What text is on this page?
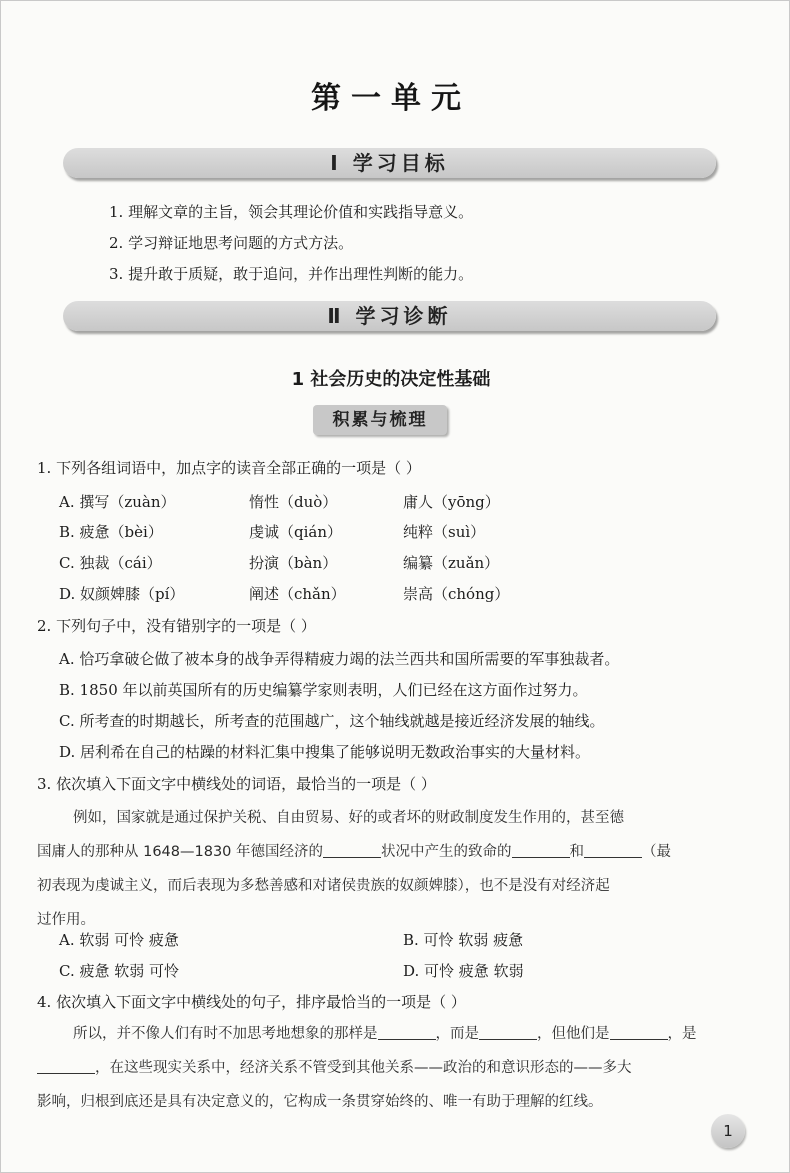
第一单元
Ⅰ 学习目标
1. 理解文章的主旨，领会其理论价值和实践指导意义。
2. 学习辩证地思考问题的方式方法。
3. 提升敢于质疑，敢于追问，并作出理性判断的能力。
Ⅱ 学习诊断
1 社会历史的决定性基础
积累与梳理
1. 下列各组词语中，加点字的读音全部正确的一项是（ ）
A. 撰写（zuàn）	惰性（duò）	庸人（yōng）
B. 疲惫（bèi）	虔诚（qián）	纯粹（suì）
C. 独裁（cái）	扮演（bàn）	编纂（zuǎn）
D. 奴颜婢膝（pí）	阐述（chǎn）	崇高（chóng）
2. 下列句子中，没有错别字的一项是（ ）
A. 恰巧拿破仑做了被本身的战争弄得精疲力竭的法兰西共和国所需要的军事独裁者。
B. 1850 年以前英国所有的历史编纂学家则表明，人们已经在这方面作过努力。
C. 所考查的时期越长，所考查的范围越广，这个轴线就越是接近经济发展的轴线。
D. 居利希在自己的枯躁的材料汇集中搜集了能够说明无数政治事实的大量材料。
3. 依次填入下面文字中横线处的词语，最恰当的一项是（ ）
例如，国家就是通过保护关税、自由贸易、好的或者坏的财政制度发生作用的，甚至德
国庸人的那种从 1648—1830 年德国经济的	状况中产生的致命的	和	（最
初表现为虔诚主义，而后表现为多愁善感和对诸侯贵族的奴颜婢膝），也不是没有对经济起
过作用。
A. 软弱 可怜 疲惫	B. 可怜 软弱 疲惫
C. 疲惫 软弱 可怜	D. 可怜 疲惫 软弱
4. 依次填入下面文字中横线处的句子，排序最恰当的一项是（ ）
所以，并不像人们有时不加思考地想象的那样是	，而是	，但他们是	，是
，在这些现实关系中，经济关系不管受到其他关系——政治的和意识形态的——多大
影响，归根到底还是具有决定意义的，它构成一条贯穿始终的、唯一有助于理解的红线。
1
